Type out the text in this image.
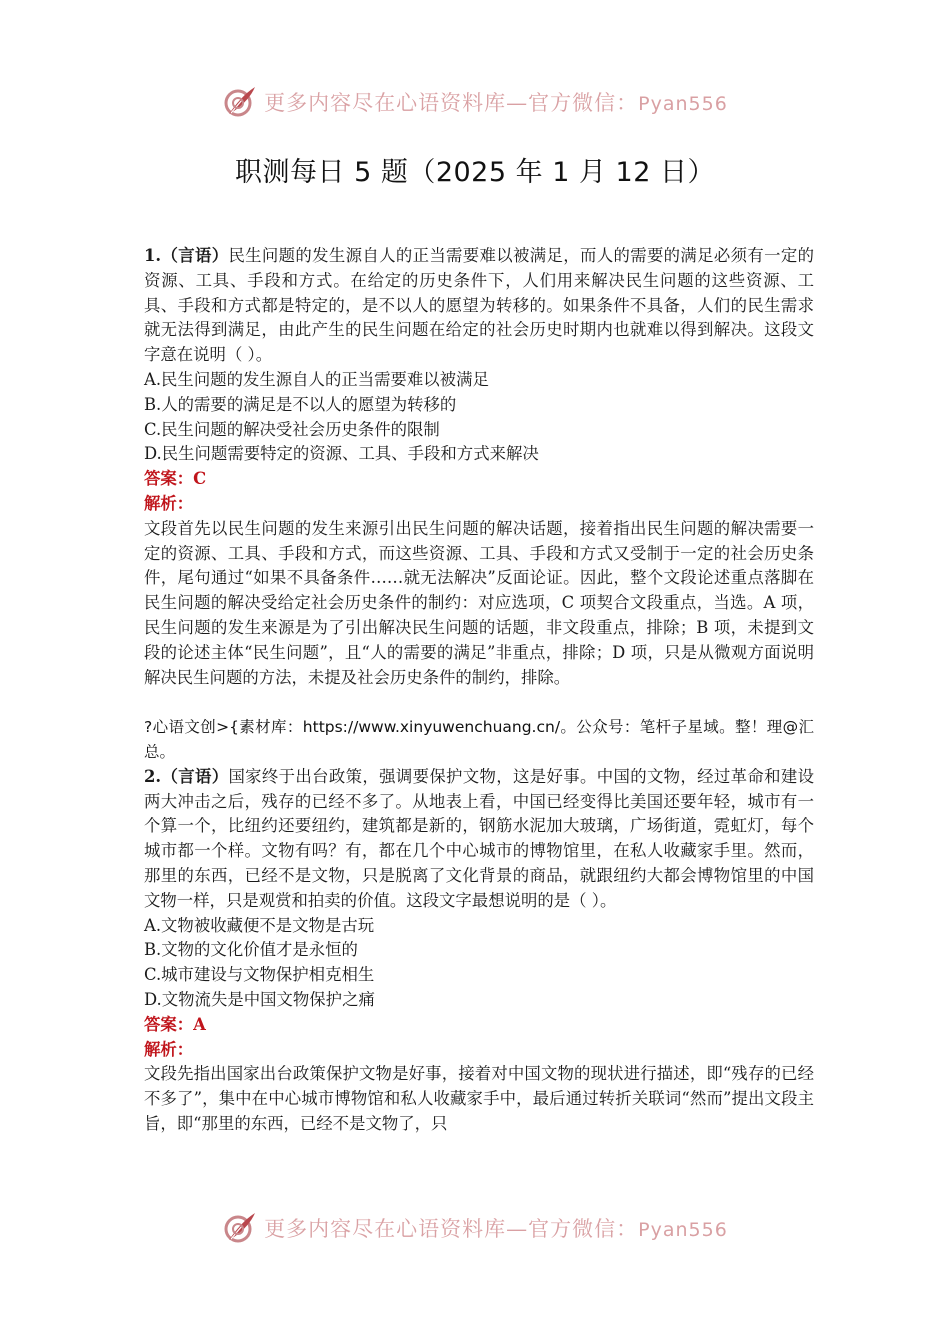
更多内容尽在心语资料库—官方微信：Pyan556
职测每日 5 题（2025 年 1 月 12 日）

1.（言语）民生问题的发生源自人的正当需要难以被满足，而人的需要的满足必须有一定的资源、工具、手段和方式。在给定的历史条件下，人们用来解决民生问题的这些资源、工具、手段和方式都是特定的，是不以人的愿望为转移的。如果条件不具备，人们的民生需求就无法得到满足，由此产生的民生问题在给定的社会历史时期内也就难以得到解决。这段文字意在说明（ ）。

A.民生问题的发生源自人的正当需要难以被满足

B.人的需要的满足是不以人的愿望为转移的

C.民生问题的解决受社会历史条件的限制

D.民生问题需要特定的资源、工具、手段和方式来解决

答案：C

解析：

文段首先以民生问题的发生来源引出民生问题的解决话题，接着指出民生问题的解决需要一定的资源、工具、手段和方式，而这些资源、工具、手段和方式又受制于一定的社会历史条件，尾句通过“如果不具备条件……就无法解决”反面论证。因此，整个文段论述重点落脚在民生问题的解决受给定社会历史条件的制约：对应选项，C 项契合文段重点，当选。A 项，民生问题的发生来源是为了引出解决民生问题的话题，非文段重点，排除；B 项，未提到文段的论述主体“民生问题”，且“人的需要的满足”非重点，排除；D 项，只是从微观方面说明解决民生问题的方法，未提及社会历史条件的制约，排除。

?心语文创>{素材库：https://www.xinyuwenchuang.cn/。公众号：笔杆子星域。整！理@汇总。

2.（言语）国家终于出台政策，强调要保护文物，这是好事。中国的文物，经过革命和建设两大冲击之后，残存的已经不多了。从地表上看，中国已经变得比美国还要年轻，城市有一个算一个，比纽约还要纽约，建筑都是新的，钢筋水泥加大玻璃，广场街道，霓虹灯，每个城市都一个样。文物有吗？有，都在几个中心城市的博物馆里，在私人收藏家手里。然而，那里的东西，已经不是文物，只是脱离了文化背景的商品，就跟纽约大都会博物馆里的中国文物一样，只是观赏和拍卖的价值。这段文字最想说明的是（ ）。

A.文物被收藏便不是文物是古玩

B.文物的文化价值才是永恒的

C.城市建设与文物保护相克相生

D.文物流失是中国文物保护之痛

答案：A

解析：

文段先指出国家出台政策保护文物是好事，接着对中国文物的现状进行描述，即“残存的已经不多了”，集中在中心城市博物馆和私人收藏家手中，最后通过转折关联词“然而”提出文段主旨，即“那里的东西，已经不是文物了，只

更多内容尽在心语资料库—官方微信：Pyan556
